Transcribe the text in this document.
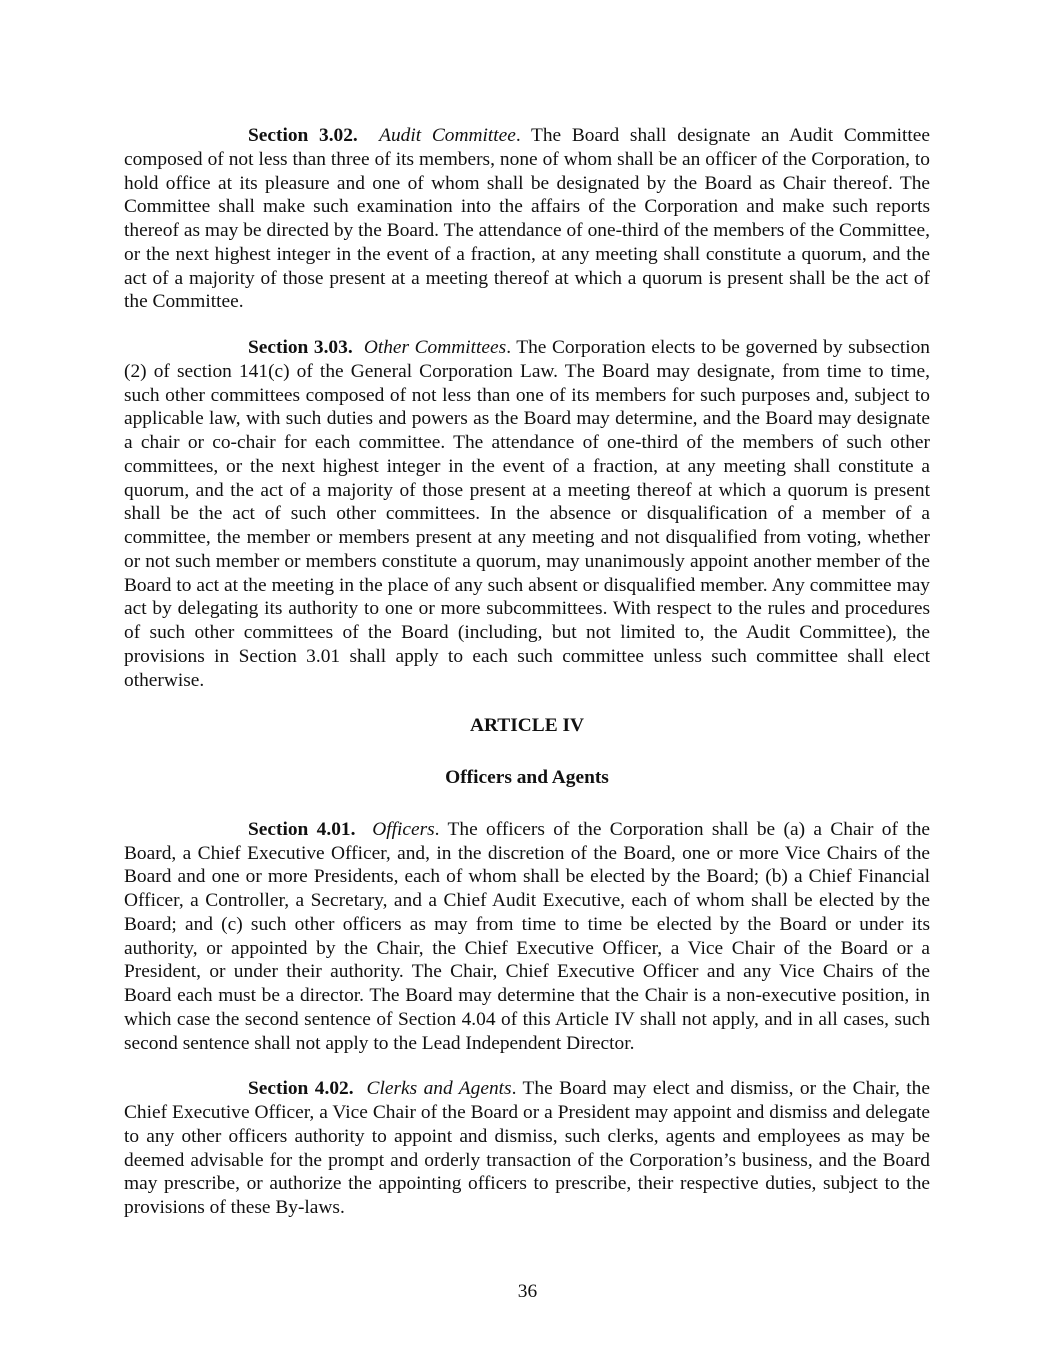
Section 3.02. Audit Committee. The Board shall designate an Audit Committee composed of not less than three of its members, none of whom shall be an officer of the Corporation, to hold office at its pleasure and one of whom shall be designated by the Board as Chair thereof. The Committee shall make such examination into the affairs of the Corporation and make such reports thereof as may be directed by the Board. The attendance of one-third of the members of the Committee, or the next highest integer in the event of a fraction, at any meeting shall constitute a quorum, and the act of a majority of those present at a meeting thereof at which a quorum is present shall be the act of the Committee.

Section 3.03. Other Committees. The Corporation elects to be governed by subsection (2) of section 141(c) of the General Corporation Law. The Board may designate, from time to time, such other committees composed of not less than one of its members for such purposes and, subject to applicable law, with such duties and powers as the Board may determine, and the Board may designate a chair or co-chair for each committee. The attendance of one-third of the members of such other committees, or the next highest integer in the event of a fraction, at any meeting shall constitute a quorum, and the act of a majority of those present at a meeting thereof at which a quorum is present shall be the act of such other committees. In the absence or disqualification of a member of a committee, the member or members present at any meeting and not disqualified from voting, whether or not such member or members constitute a quorum, may unanimously appoint another member of the Board to act at the meeting in the place of any such absent or disqualified member. Any committee may act by delegating its authority to one or more subcommittees. With respect to the rules and procedures of such other committees of the Board (including, but not limited to, the Audit Committee), the provisions in Section 3.01 shall apply to each such committee unless such committee shall elect otherwise.

ARTICLE IV
Officers and Agents

Section 4.01. Officers. The officers of the Corporation shall be (a) a Chair of the Board, a Chief Executive Officer, and, in the discretion of the Board, one or more Vice Chairs of the Board and one or more Presidents, each of whom shall be elected by the Board; (b) a Chief Financial Officer, a Controller, a Secretary, and a Chief Audit Executive, each of whom shall be elected by the Board; and (c) such other officers as may from time to time be elected by the Board or under its authority, or appointed by the Chair, the Chief Executive Officer, a Vice Chair of the Board or a President, or under their authority. The Chair, Chief Executive Officer and any Vice Chairs of the Board each must be a director. The Board may determine that the Chair is a non-executive position, in which case the second sentence of Section 4.04 of this Article IV shall not apply, and in all cases, such second sentence shall not apply to the Lead Independent Director.

Section 4.02. Clerks and Agents. The Board may elect and dismiss, or the Chair, the Chief Executive Officer, a Vice Chair of the Board or a President may appoint and dismiss and delegate to any other officers authority to appoint and dismiss, such clerks, agents and employees as may be deemed advisable for the prompt and orderly transaction of the Corporation’s business, and the Board may prescribe, or authorize the appointing officers to prescribe, their respective duties, subject to the provisions of these By-laws.

36
